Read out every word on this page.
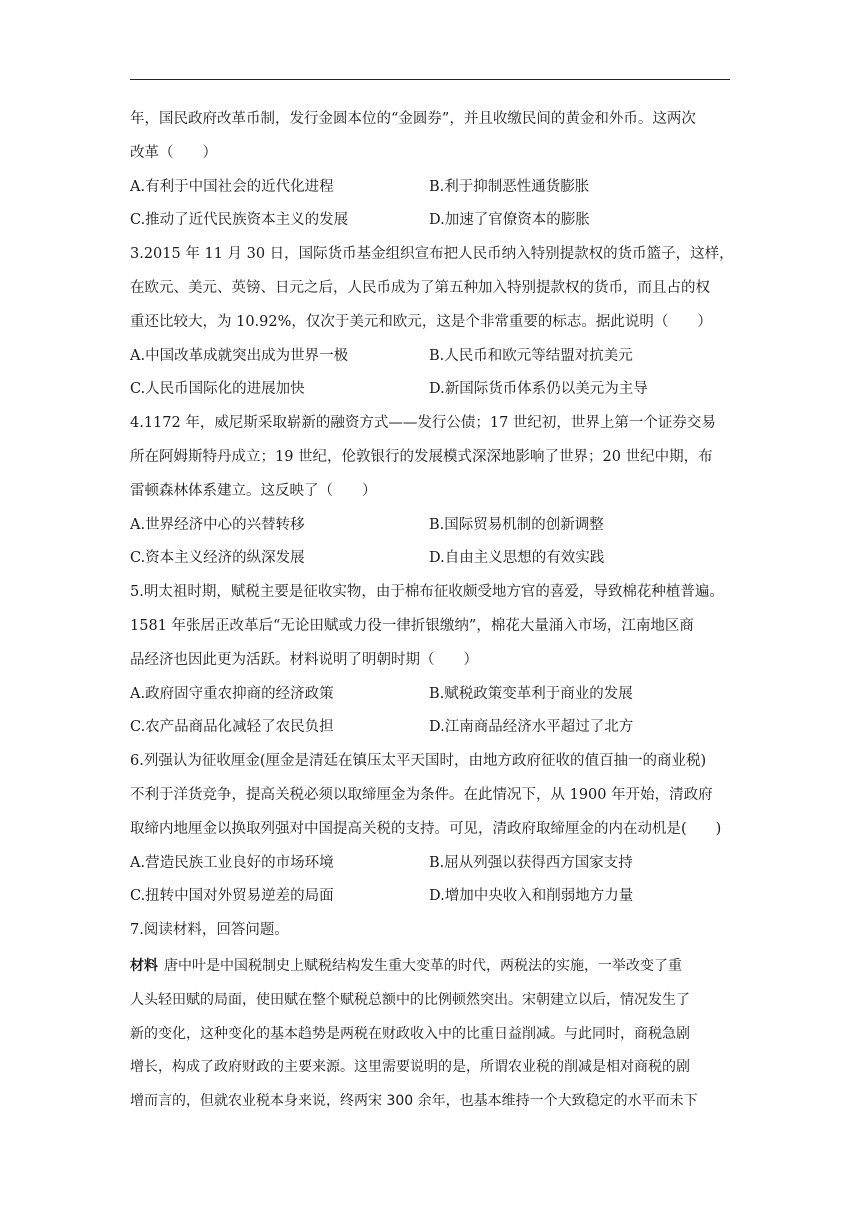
年，国民政府改革币制，发行金圆本位的“金圆券”，并且收缴民间的黄金和外币。这两次
改革（　　）
A.有利于中国社会的近代化进程	B.利于抑制恶性通货膨胀
C.推动了近代民族资本主义的发展	D.加速了官僚资本的膨胀
3.2015 年 11 月 30 日，国际货币基金组织宣布把人民币纳入特别提款权的货币篮子，这样，
在欧元、美元、英镑、日元之后，人民币成为了第五种加入特别提款权的货币，而且占的权
重还比较大，为 10.92%，仅次于美元和欧元，这是个非常重要的标志。据此说明（　　）
A.中国改革成就突出成为世界一极	B.人民币和欧元等结盟对抗美元
C.人民币国际化的进展加快	D.新国际货币体系仍以美元为主导
4.1172 年，威尼斯采取崭新的融资方式——发行公债；17 世纪初，世界上第一个证券交易
所在阿姆斯特丹成立；19 世纪，伦敦银行的发展模式深深地影响了世界；20 世纪中期，布
雷顿森林体系建立。这反映了（　　）
A.世界经济中心的兴替转移	B.国际贸易机制的创新调整
C.资本主义经济的纵深发展	D.自由主义思想的有效实践
5.明太祖时期，赋税主要是征收实物，由于棉布征收颇受地方官的喜爱，导致棉花种植普遍。
1581 年张居正改革后“无论田赋或力役一律折银缴纳”，棉花大量涌入市场，江南地区商
品经济也因此更为活跃。材料说明了明朝时期（　　）
A.政府固守重农抑商的经济政策	B.赋税政策变革利于商业的发展
C.农产品商品化减轻了农民负担	D.江南商品经济水平超过了北方
6.列强认为征收厘金(厘金是清廷在镇压太平天国时，由地方政府征收的值百抽一的商业税)
不利于洋货竞争，提高关税必须以取缔厘金为条件。在此情况下，从 1900 年开始，清政府
取缔内地厘金以换取列强对中国提高关税的支持。可见，清政府取缔厘金的内在动机是(　　)
A.营造民族工业良好的市场环境	B.屈从列强以获得西方国家支持
C.扭转中国对外贸易逆差的局面	D.增加中央收入和削弱地方力量
7.阅读材料，回答问题。
材料 唐中叶是中国税制史上赋税结构发生重大变革的时代，两税法的实施，一举改变了重
人头轻田赋的局面，使田赋在整个赋税总额中的比例顿然突出。宋朝建立以后，情况发生了
新的变化，这种变化的基本趋势是两税在财政收入中的比重日益削减。与此同时，商税急剧
增长，构成了政府财政的主要来源。这里需要说明的是，所谓农业税的削减是相对商税的剧
增而言的，但就农业税本身来说，终两宋 300 余年，也基本维持一个大致稳定的水平而未下
